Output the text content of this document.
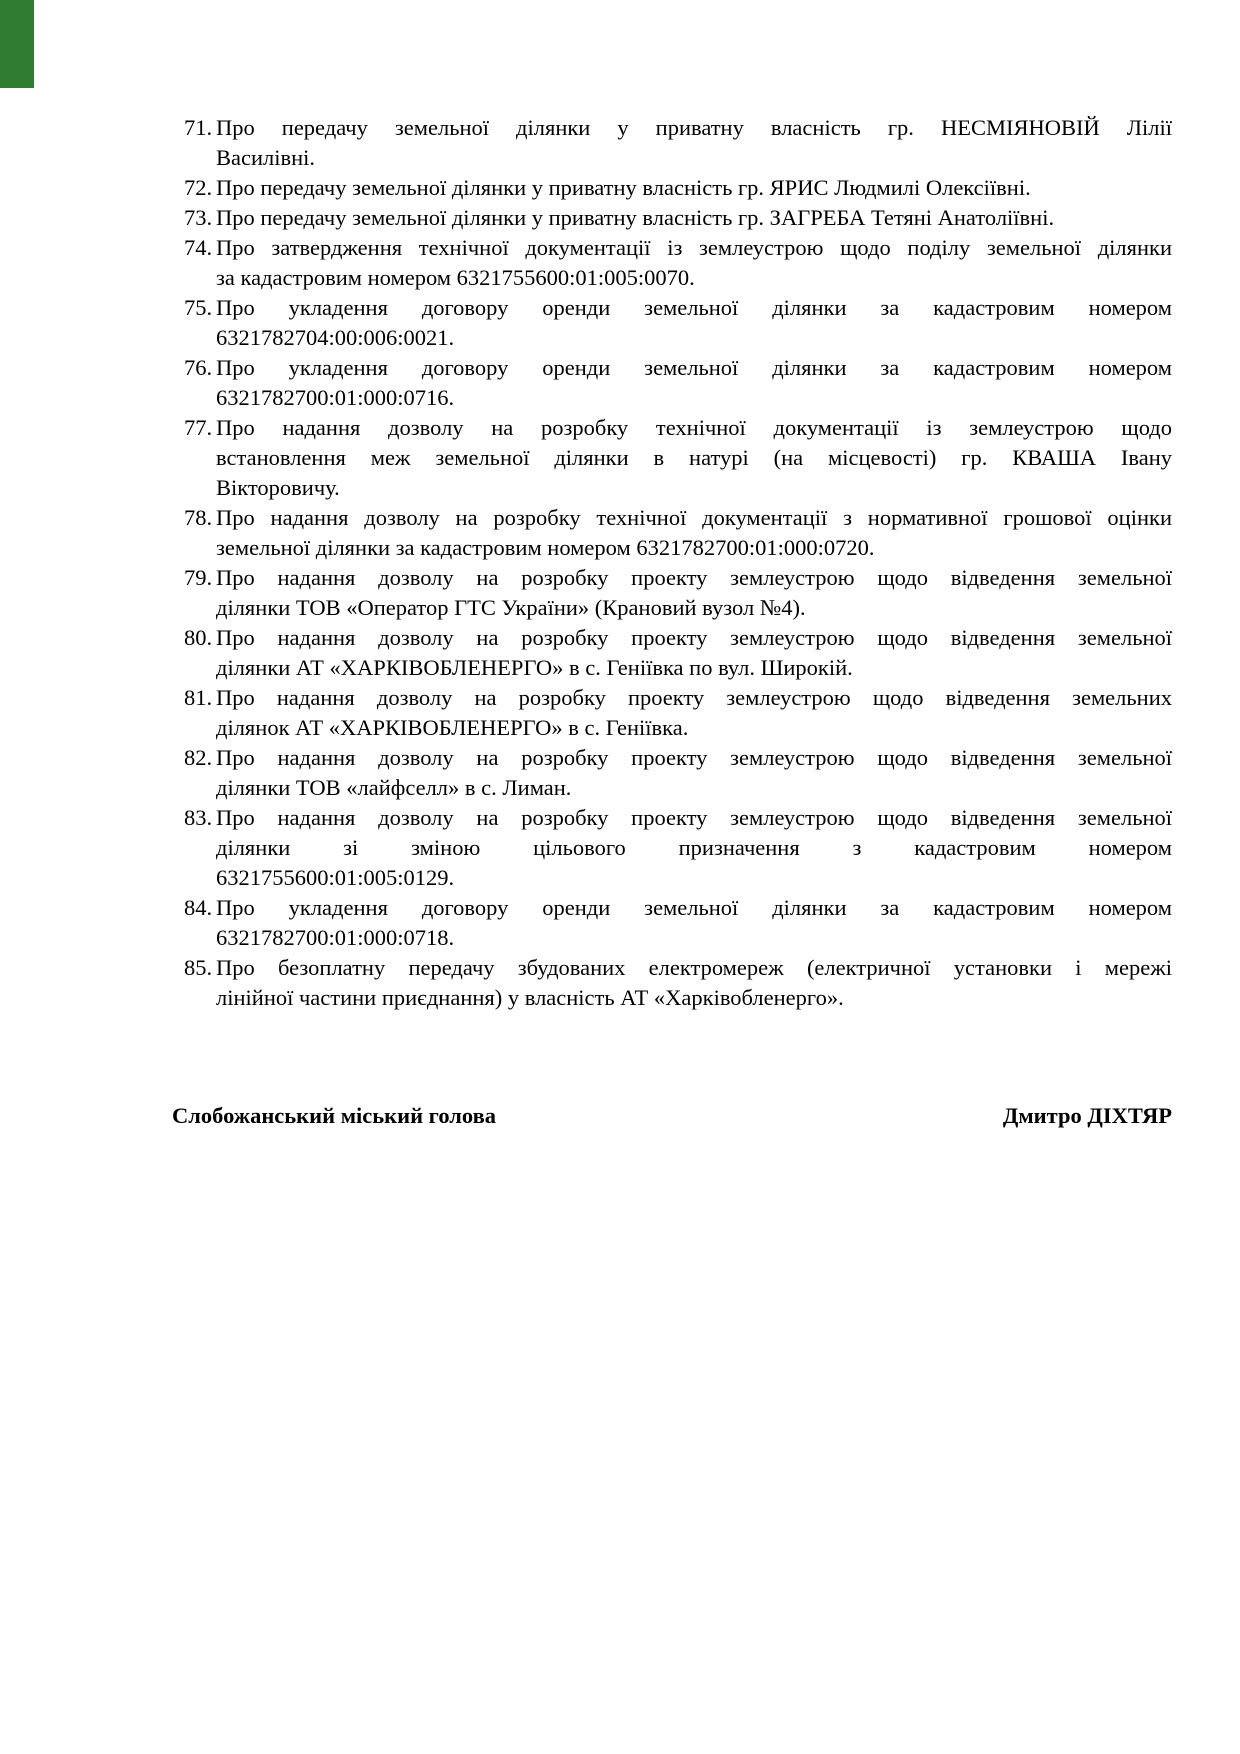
71. Про передачу земельної ділянки у приватну власність гр. НЕСМІЯНОВІЙ Лілії
Василівні.
72. Про передачу земельної ділянки у приватну власність гр. ЯРИС Людмилі Олексіївні.
73. Про передачу земельної ділянки у приватну власність гр. ЗАГРЕБА Тетяні Анатоліївні.
74. Про затвердження технічної документації із землеустрою щодо поділу земельної ділянки
за кадастровим номером 6321755600:01:005:0070.
75. Про укладення договору оренди земельної ділянки за кадастровим номером
6321782704:00:006:0021.
76. Про укладення договору оренди земельної ділянки за кадастровим номером
6321782700:01:000:0716.
77. Про надання дозволу на розробку технічної документації із землеустрою щодо
встановлення меж земельної ділянки в натурі (на місцевості) гр. КВАША Івану
Вікторовичу.
78. Про надання дозволу на розробку технічної документації з нормативної грошової оцінки
земельної ділянки за кадастровим номером 6321782700:01:000:0720.
79. Про надання дозволу на розробку проекту землеустрою щодо відведення земельної
ділянки ТОВ «Оператор ГТС України» (Крановий вузол №4).
80. Про надання дозволу на розробку проекту землеустрою щодо відведення земельної
ділянки АТ «ХАРКІВОБЛЕНЕРГО» в с. Геніївка по вул. Широкій.
81. Про надання дозволу на розробку проекту землеустрою щодо відведення земельних
ділянок АТ «ХАРКІВОБЛЕНЕРГО» в с. Геніївка.
82. Про надання дозволу на розробку проекту землеустрою щодо відведення земельної
ділянки ТОВ «лайфселл» в с. Лиман.
83. Про надання дозволу на розробку проекту землеустрою щодо відведення земельної
ділянки зі зміною цільового призначення з кадастровим номером
6321755600:01:005:0129.
84. Про укладення договору оренди земельної ділянки за кадастровим номером
6321782700:01:000:0718.
85. Про безоплатну передачу збудованих електромереж (електричної установки і мережі
лінійної частини приєднання) у власність АТ «Харківобленерго».
Слобожанський міський голова	Дмитро ДІХТЯР
